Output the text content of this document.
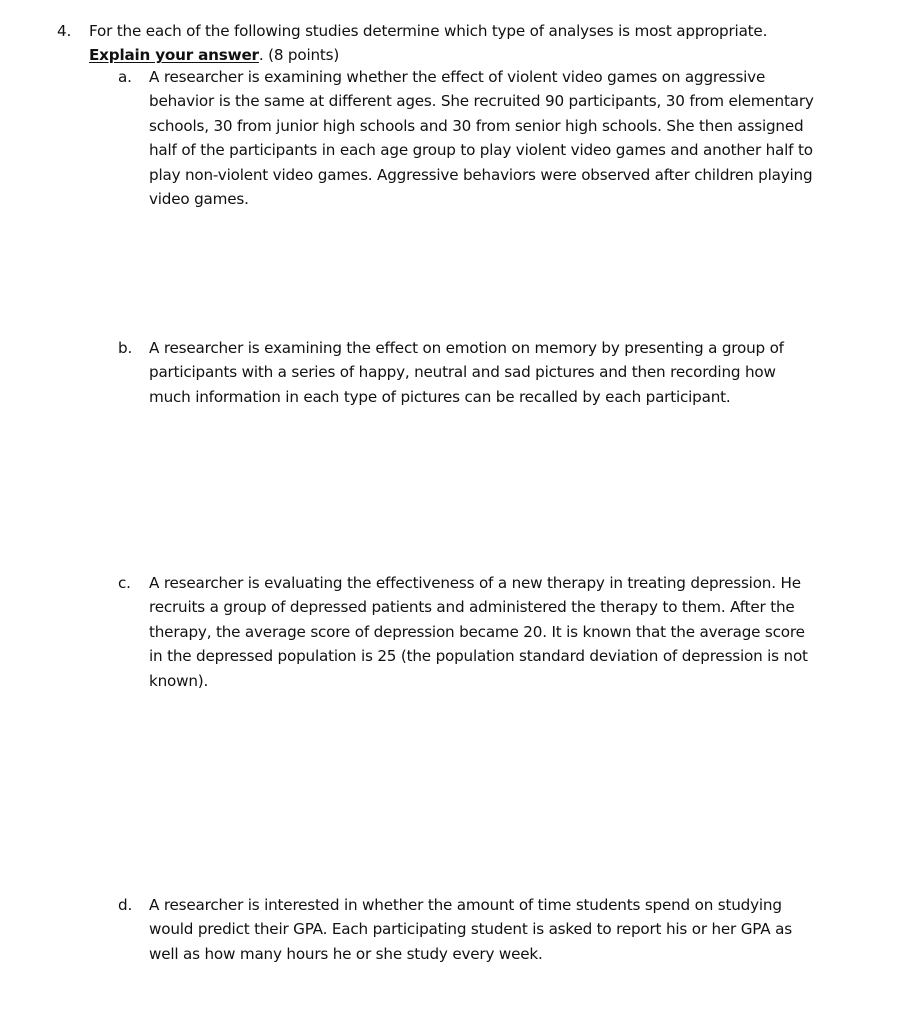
4. For the each of the following studies determine which type of analyses is most appropriate.
Explain your answer. (8 points)
a.	A researcher is examining whether the effect of violent video games on aggressive behavior is the same at different ages. She recruited 90 participants, 30 from elementary schools, 30 from junior high schools and 30 from senior high schools. She then assigned half of the participants in each age group to play violent video games and another half to play non-violent video games. Aggressive behaviors were observed after children playing video games.
b.	A researcher is examining the effect on emotion on memory by presenting a group of participants with a series of happy, neutral and sad pictures and then recording how much information in each type of pictures can be recalled by each participant.
c.	A researcher is evaluating the effectiveness of a new therapy in treating depression. He recruits a group of depressed patients and administered the therapy to them. After the therapy, the average score of depression became 20. It is known that the average score in the depressed population is 25 (the population standard deviation of depression is not known).
d.	A researcher is interested in whether the amount of time students spend on studying would predict their GPA. Each participating student is asked to report his or her GPA as well as how many hours he or she study every week.
